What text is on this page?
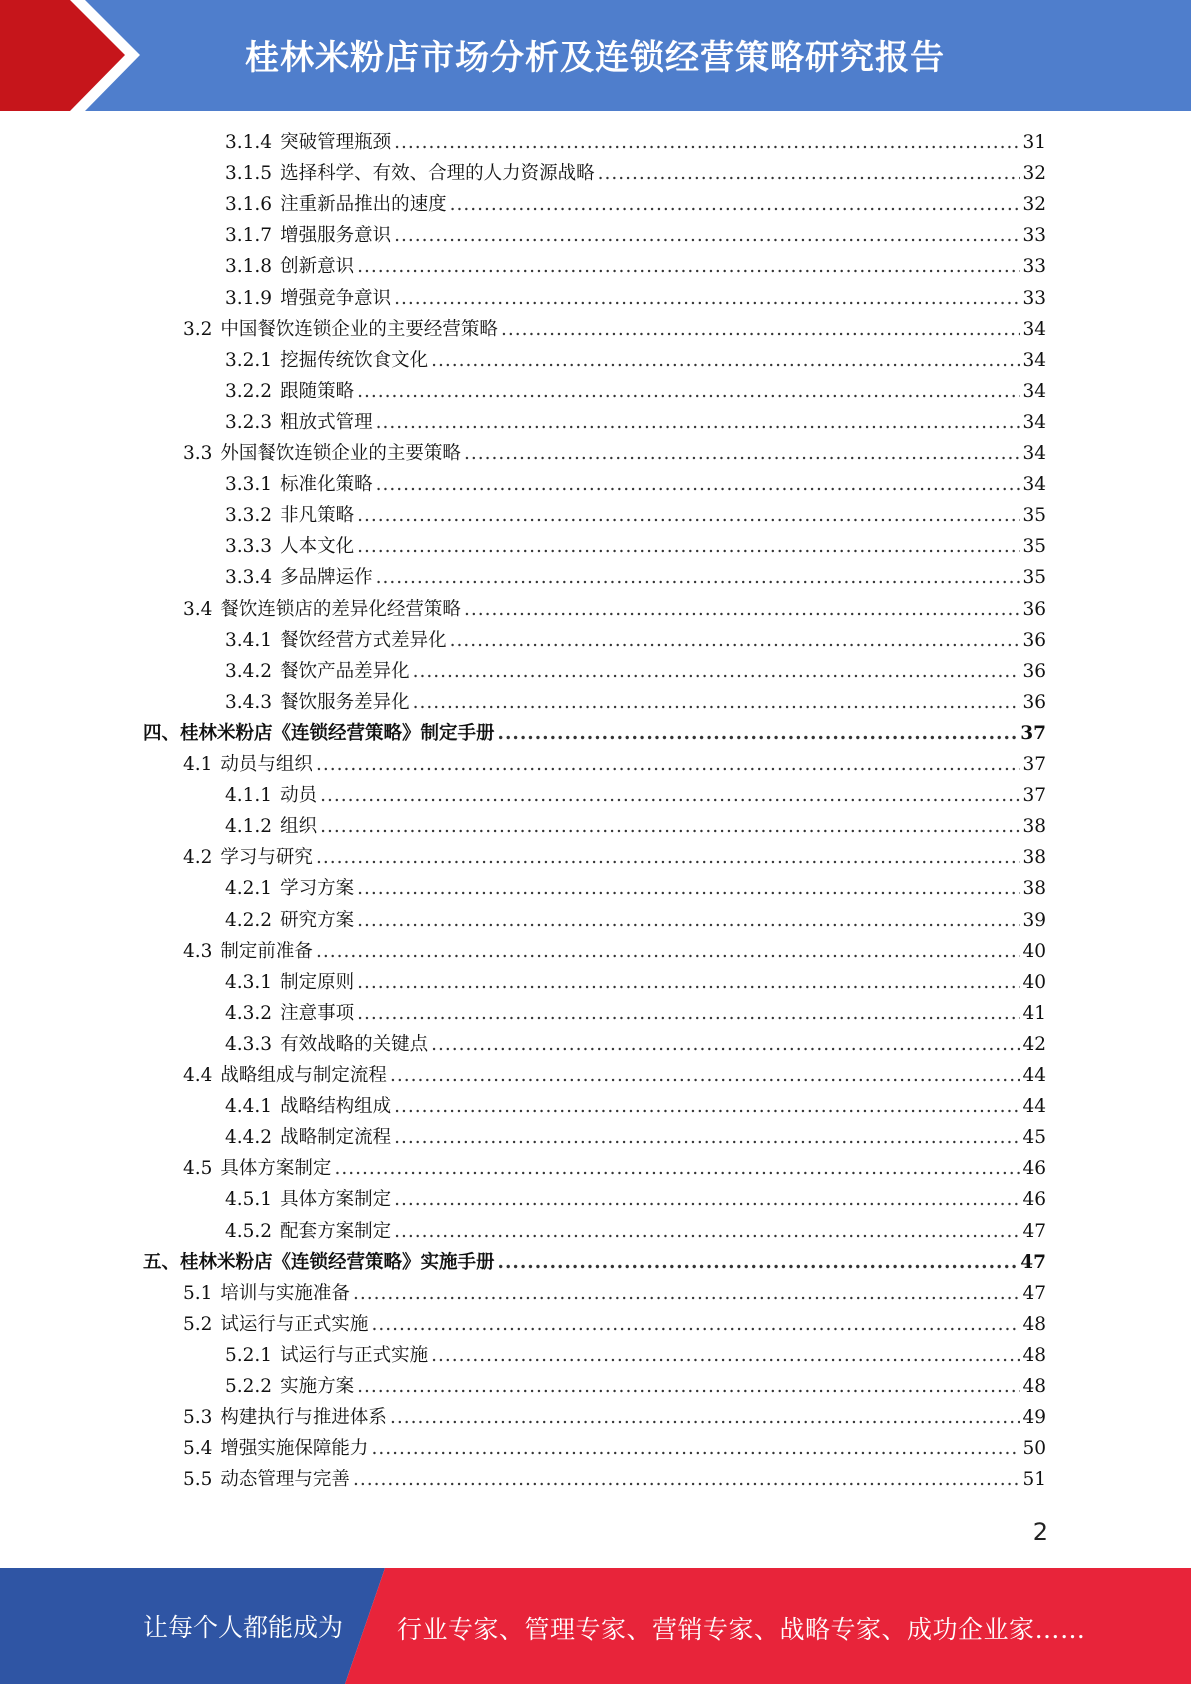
桂林米粉店市场分析及连锁经营策略研究报告
3.1.4 突破管理瓶颈 .....	31
3.1.5 选择科学、有效、合理的人力资源战略 .....	32
3.1.6 注重新品推出的速度 .....	32
3.1.7 增强服务意识 .....	33
3.1.8 创新意识 .....	33
3.1.9 增强竞争意识 .....	33
3.2 中国餐饮连锁企业的主要经营策略 .....	34
3.2.1 挖掘传统饮食文化 .....	34
3.2.2 跟随策略 .....	34
3.2.3 粗放式管理 .....	34
3.3 外国餐饮连锁企业的主要策略 .....	34
3.3.1 标准化策略 .....	34
3.3.2 非凡策略 .....	35
3.3.3 人本文化 .....	35
3.3.4 多品牌运作 .....	35
3.4 餐饮连锁店的差异化经营策略 .....	36
3.4.1 餐饮经营方式差异化 .....	36
3.4.2 餐饮产品差异化 .....	36
3.4.3 餐饮服务差异化 .....	36
四、桂林米粉店《连锁经营策略》制定手册 .....	37
4.1 动员与组织 .....	37
4.1.1 动员 .....	37
4.1.2 组织 .....	38
4.2 学习与研究 .....	38
4.2.1 学习方案 .....	38
4.2.2 研究方案 .....	39
4.3 制定前准备 .....	40
4.3.1 制定原则 .....	40
4.3.2 注意事项 .....	41
4.3.3 有效战略的关键点 .....	42
4.4 战略组成与制定流程 .....	44
4.4.1 战略结构组成 .....	44
4.4.2 战略制定流程 .....	45
4.5 具体方案制定 .....	46
4.5.1 具体方案制定 .....	46
4.5.2 配套方案制定 .....	47
五、桂林米粉店《连锁经营策略》实施手册 .....	47
5.1 培训与实施准备 .....	47
5.2 试运行与正式实施 .....	48
5.2.1 试运行与正式实施 .....	48
5.2.2 实施方案 .....	48
5.3 构建执行与推进体系 .....	49
5.4 增强实施保障能力 .....	50
5.5 动态管理与完善 .....	51
2
让每个人都能成为 行业专家、管理专家、营销专家、战略专家、成功企业家……
